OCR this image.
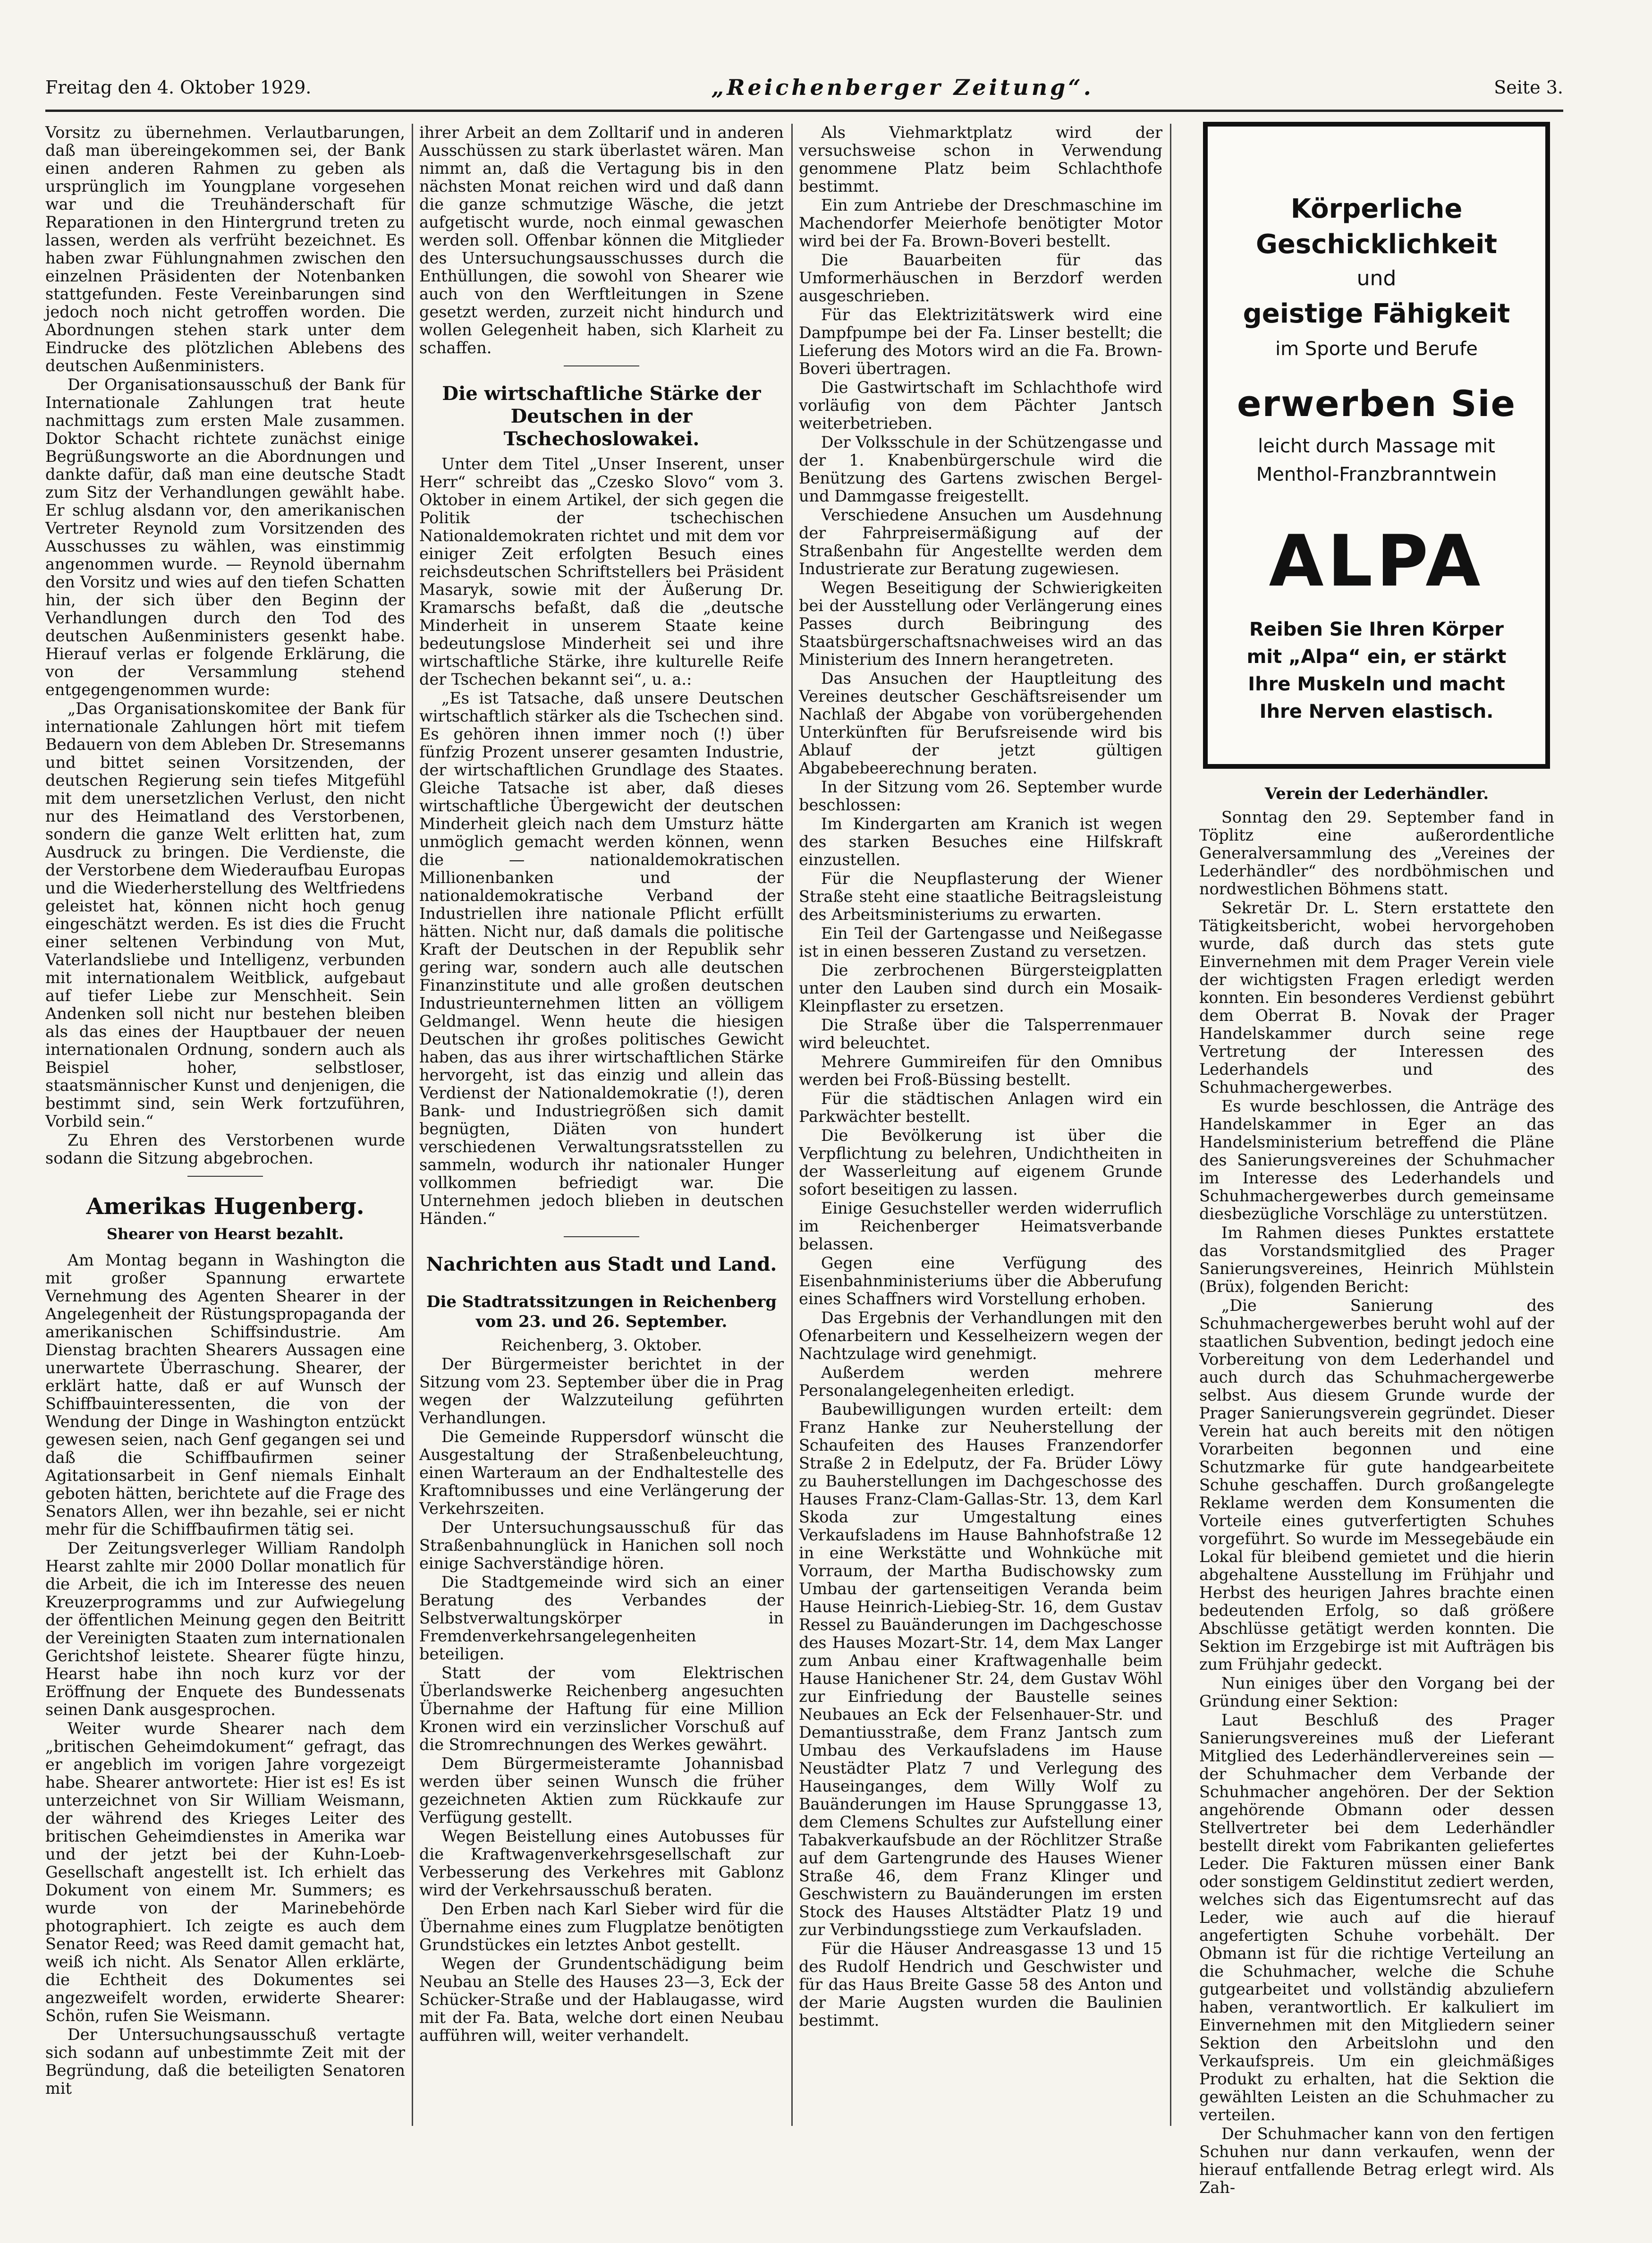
Freitag den 4. Oktober 1929.	„Reichenberger Zeitung“.	Seite 3.

Vorsitz zu übernehmen. Verlautbarungen, daß man übereingekommen sei, der Bank einen anderen Rahmen zu geben als ursprünglich im Youngplane vorgesehen war und die Treuhänderschaft für Reparationen in den Hintergrund treten zu lassen, werden als verfrüht bezeichnet. Es haben zwar Fühlungnahmen zwischen den einzelnen Präsidenten der Notenbanken stattgefunden. Feste Vereinbarungen sind jedoch noch nicht getroffen worden. Die Abordnungen stehen stark unter dem Eindrucke des plötzlichen Ablebens des deutschen Außenministers.

Der Organisationsausschuß der Bank für Internationale Zahlungen trat heute nachmittags zum ersten Male zusammen. Doktor Schacht richtete zunächst einige Begrüßungsworte an die Abordnungen und dankte dafür, daß man eine deutsche Stadt zum Sitz der Verhandlungen gewählt habe. Er schlug alsdann vor, den amerikanischen Vertreter Reynold zum Vorsitzenden des Ausschusses zu wählen, was einstimmig angenommen wurde. — Reynold übernahm den Vorsitz und wies auf den tiefen Schatten hin, der sich über den Beginn der Verhandlungen durch den Tod des deutschen Außenministers gesenkt habe. Hierauf verlas er folgende Erklärung, die von der Versammlung stehend entgegengenommen wurde:

„Das Organisationskomitee der Bank für internationale Zahlungen hört mit tiefem Bedauern von dem Ableben Dr. Stresemanns und bittet seinen Vorsitzenden, der deutschen Regierung sein tiefes Mitgefühl mit dem unersetzlichen Verlust, den nicht nur des Heimatland des Verstorbenen, sondern die ganze Welt erlitten hat, zum Ausdruck zu bringen. Die Verdienste, die der Verstorbene dem Wiederaufbau Europas und die Wiederherstellung des Weltfriedens geleistet hat, können nicht hoch genug eingeschätzt werden. Es ist dies die Frucht einer seltenen Verbindung von Mut, Vaterlandsliebe und Intelligenz, verbunden mit internationalem Weitblick, aufgebaut auf tiefer Liebe zur Menschheit. Sein Andenken soll nicht nur bestehen bleiben als das eines der Hauptbauer der neuen internationalen Ordnung, sondern auch als Beispiel hoher, selbstloser, staatsmännischer Kunst und denjenigen, die bestimmt sind, sein Werk fortzuführen, Vorbild sein.“

Zu Ehren des Verstorbenen wurde sodann die Sitzung abgebrochen.

Amerikas Hugenberg.

Shearer von Hearst bezahlt.

Am Montag begann in Washington die mit großer Spannung erwartete Vernehmung des Agenten Shearer in der Angelegenheit der Rüstungspropaganda der amerikanischen Schiffsindustrie. Am Dienstag brachten Shearers Aussagen eine unerwartete Überraschung. Shearer, der erklärt hatte, daß er auf Wunsch der Schiffbauinteressenten, die von der Wendung der Dinge in Washington entzückt gewesen seien, nach Genf gegangen sei und daß die Schiffbaufirmen seiner Agitationsarbeit in Genf niemals Einhalt geboten hätten, berichtete auf die Frage des Senators Allen, wer ihn bezahle, sei er nicht mehr für die Schiffbaufirmen tätig sei.

Der Zeitungsverleger William Randolph Hearst zahlte mir 2000 Dollar monatlich für die Arbeit, die ich im Interesse des neuen Kreuzerprogramms und zur Aufwiegelung der öffentlichen Meinung gegen den Beitritt der Vereinigten Staaten zum internationalen Gerichtshof leistete. Shearer fügte hinzu, Hearst habe ihn noch kurz vor der Eröffnung der Enquete des Bundessenats seinen Dank ausgesprochen.

Weiter wurde Shearer nach dem „britischen Geheimdokument“ gefragt, das er angeblich im vorigen Jahre vorgezeigt habe. Shearer antwortete: Hier ist es! Es ist unterzeichnet von Sir William Weismann, der während des Krieges Leiter des britischen Geheimdienstes in Amerika war und der jetzt bei der Kuhn-Loeb-Gesellschaft angestellt ist. Ich erhielt das Dokument von einem Mr. Summers; es wurde von der Marinebehörde photographiert. Ich zeigte es auch dem Senator Reed; was Reed damit gemacht hat, weiß ich nicht. Als Senator Allen erklärte, die Echtheit des Dokumentes sei angezweifelt worden, erwiderte Shearer: Schön, rufen Sie Weismann.

Der Untersuchungsausschuß vertagte sich sodann auf unbestimmte Zeit mit der Begründung, daß die beteiligten Senatoren mit

ihrer Arbeit an dem Zolltarif und in anderen Ausschüssen zu stark überlastet wären. Man nimmt an, daß die Vertagung bis in den nächsten Monat reichen wird und daß dann die ganze schmutzige Wäsche, die jetzt aufgetischt wurde, noch einmal gewaschen werden soll. Offenbar können die Mitglieder des Untersuchungsausschusses durch die Enthüllungen, die sowohl von Shearer wie auch von den Werftleitungen in Szene gesetzt werden, zurzeit nicht hindurch und wollen Gelegenheit haben, sich Klarheit zu schaffen.

Die wirtschaftliche Stärke der Deutschen in der Tschechoslowakei.

Unter dem Titel „Unser Inserent, unser Herr“ schreibt das „Czesko Slovo“ vom 3. Oktober in einem Artikel, der sich gegen die Politik der tschechischen Nationaldemokraten richtet und mit dem vor einiger Zeit erfolgten Besuch eines reichsdeutschen Schriftstellers bei Präsident Masaryk, sowie mit der Äußerung Dr. Kramarschs befaßt, daß die „deutsche Minderheit in unserem Staate keine bedeutungslose Minderheit sei und ihre wirtschaftliche Stärke, ihre kulturelle Reife der Tschechen bekannt sei“, u. a.:

„Es ist Tatsache, daß unsere Deutschen wirtschaftlich stärker als die Tschechen sind. Es gehören ihnen immer noch (!) über fünfzig Prozent unserer gesamten Industrie, der wirtschaftlichen Grundlage des Staates. Gleiche Tatsache ist aber, daß dieses wirtschaftliche Übergewicht der deutschen Minderheit gleich nach dem Umsturz hätte unmöglich gemacht werden können, wenn die — nationaldemokratischen Millionenbanken und der nationaldemokratische Verband der Industriellen ihre nationale Pflicht erfüllt hätten. Nicht nur, daß damals die politische Kraft der Deutschen in der Republik sehr gering war, sondern auch alle deutschen Finanzinstitute und alle großen deutschen Industrieunternehmen litten an völligem Geldmangel. Wenn heute die hiesigen Deutschen ihr großes politisches Gewicht haben, das aus ihrer wirtschaftlichen Stärke hervorgeht, ist das einzig und allein das Verdienst der Nationaldemokratie (!), deren Bank- und Industriegrößen sich damit begnügten, Diäten von hundert verschiedenen Verwaltungsratsstellen zu sammeln, wodurch ihr nationaler Hunger vollkommen befriedigt war. Die Unternehmen jedoch blieben in deutschen Händen.“

Nachrichten aus Stadt und Land.

Die Stadtratssitzungen in Reichenberg vom 23. und 26. September.

Reichenberg, 3. Oktober.

Der Bürgermeister berichtet in der Sitzung vom 23. September über die in Prag wegen der Walzzuteilung geführten Verhandlungen.

Die Gemeinde Ruppersdorf wünscht die Ausgestaltung der Straßenbeleuchtung, einen Warteraum an der Endhaltestelle des Kraftomnibusses und eine Verlängerung der Verkehrszeiten.

Der Untersuchungsausschuß für das Straßenbahnunglück in Hanichen soll noch einige Sachverständige hören.

Die Stadtgemeinde wird sich an einer Beratung des Verbandes der Selbstverwaltungskörper in Fremdenverkehrsangelegenheiten beteiligen.

Statt der vom Elektrischen Überlandswerke Reichenberg angesuchten Übernahme der Haftung für eine Million Kronen wird ein verzinslicher Vorschuß auf die Stromrechnungen des Werkes gewährt.

Dem Bürgermeisteramte Johannisbad werden über seinen Wunsch die früher gezeichneten Aktien zum Rückkaufe zur Verfügung gestellt.

Wegen Beistellung eines Autobusses für die Kraftwagenverkehrsgesellschaft zur Verbesserung des Verkehres mit Gablonz wird der Verkehrsausschuß beraten.

Den Erben nach Karl Sieber wird für die Übernahme eines zum Flugplatze benötigten Grundstückes ein letztes Anbot gestellt.

Wegen der Grundentschädigung beim Neubau an Stelle des Hauses 23—3, Eck der Schücker-Straße und der Hablaugasse, wird mit der Fa. Bata, welche dort einen Neubau aufführen will, weiter verhandelt.

Als Viehmarktplatz wird der versuchsweise schon in Verwendung genommene Platz beim Schlachthofe bestimmt.

Ein zum Antriebe der Dreschmaschine im Machendorfer Meierhofe benötigter Motor wird bei der Fa. Brown-Boveri bestellt.

Die Bauarbeiten für das Umformerhäuschen in Berzdorf werden ausgeschrieben.

Für das Elektrizitätswerk wird eine Dampfpumpe bei der Fa. Linser bestellt; die Lieferung des Motors wird an die Fa. Brown-Boveri übertragen.

Die Gastwirtschaft im Schlachthofe wird vorläufig von dem Pächter Jantsch weiterbetrieben.

Der Volksschule in der Schützengasse und der 1. Knabenbürgerschule wird die Benützung des Gartens zwischen Bergel- und Dammgasse freigestellt.

Verschiedene Ansuchen um Ausdehnung der Fahrpreisermäßigung auf der Straßenbahn für Angestellte werden dem Industrierate zur Beratung zugewiesen.

Wegen Beseitigung der Schwierigkeiten bei der Ausstellung oder Verlängerung eines Passes durch Beibringung des Staatsbürgerschaftsnachweises wird an das Ministerium des Innern herangetreten.

Das Ansuchen der Hauptleitung des Vereines deutscher Geschäftsreisender um Nachlaß der Abgabe von vorübergehenden Unterkünften für Berufsreisende wird bis Ablauf der jetzt gültigen Abgabebeerechnung beraten.

In der Sitzung vom 26. September wurde beschlossen:

Im Kindergarten am Kranich ist wegen des starken Besuches eine Hilfskraft einzustellen.

Für die Neupflasterung der Wiener Straße steht eine staatliche Beitragsleistung des Arbeitsministeriums zu erwarten.

Ein Teil der Gartengasse und Neißegasse ist in einen besseren Zustand zu versetzen.

Die zerbrochenen Bürgersteigplatten unter den Lauben sind durch ein Mosaik-Kleinpflaster zu ersetzen.

Die Straße über die Talsperrenmauer wird beleuchtet.

Mehrere Gummireifen für den Omnibus werden bei Froß-Büssing bestellt.

Für die städtischen Anlagen wird ein Parkwächter bestellt.

Die Bevölkerung ist über die Verpflichtung zu belehren, Undichtheiten in der Wasserleitung auf eigenem Grunde sofort beseitigen zu lassen.

Einige Gesuchsteller werden widerruflich im Reichenberger Heimatsverbande belassen.

Gegen eine Verfügung des Eisenbahnministeriums über die Abberufung eines Schaffners wird Vorstellung erhoben.

Das Ergebnis der Verhandlungen mit den Ofenarbeitern und Kesselheizern wegen der Nachtzulage wird genehmigt.

Außerdem werden mehrere Personalangelegenheiten erledigt.

Baubewilligungen wurden erteilt: dem Franz Hanke zur Neuherstellung der Schaufeiten des Hauses Franzendorfer Straße 2 in Edelputz, der Fa. Brüder Löwy zu Bauherstellungen im Dachgeschosse des Hauses Franz-Clam-Gallas-Str. 13, dem Karl Skoda zur Umgestaltung eines Verkaufsladens im Hause Bahnhofstraße 12 in eine Werkstätte und Wohnküche mit Vorraum, der Martha Budischowsky zum Umbau der gartenseitigen Veranda beim Hause Heinrich-Liebieg-Str. 16, dem Gustav Ressel zu Bauänderungen im Dachgeschosse des Hauses Mozart-Str. 14, dem Max Langer zum Anbau einer Kraftwagenhalle beim Hause Hanichener Str. 24, dem Gustav Wöhl zur Einfriedung der Baustelle seines Neubaues an Eck der Felsenhauer-Str. und Demantiusstraße, dem Franz Jantsch zum Umbau des Verkaufsladens im Hause Neustädter Platz 7 und Verlegung des Hauseinganges, dem Willy Wolf zu Bauänderungen im Hause Sprunggasse 13, dem Clemens Schultes zur Aufstellung einer Tabakverkaufsbude an der Röchlitzer Straße auf dem Gartengrunde des Hauses Wiener Straße 46, dem Franz Klinger und Geschwistern zu Bauänderungen im ersten Stock des Hauses Altstädter Platz 19 und zur Verbindungsstiege zum Verkaufsladen.

Für die Häuser Andreasgasse 13 und 15 des Rudolf Hendrich und Geschwister und für das Haus Breite Gasse 58 des Anton und der Marie Augsten wurden die Baulinien bestimmt.

Körperliche
Geschicklichkeit
und
geistige Fähigkeit
im Sporte und Berufe
erwerben Sie
leicht durch Massage mit
Menthol-Franzbranntwein
ALPA
Reiben Sie Ihren Körper
mit „Alpa“ ein, er stärkt
Ihre Muskeln und macht
Ihre Nerven elastisch.

Verein der Lederhändler.

Sonntag den 29. September fand in Töplitz eine außerordentliche Generalversammlung des „Vereines der Lederhändler“ des nordböhmischen und nordwestlichen Böhmens statt.

Sekretär Dr. L. Stern erstattete den Tätigkeitsbericht, wobei hervorgehoben wurde, daß durch das stets gute Einvernehmen mit dem Prager Verein viele der wichtigsten Fragen erledigt werden konnten. Ein besonderes Verdienst gebührt dem Oberrat B. Novak der Prager Handelskammer durch seine rege Vertretung der Interessen des Lederhandels und des Schuhmachergewerbes.

Es wurde beschlossen, die Anträge des Handelskammer in Eger an das Handelsministerium betreffend die Pläne des Sanierungsvereines der Schuhmacher im Interesse des Lederhandels und Schuhmachergewerbes durch gemeinsame diesbezügliche Vorschläge zu unterstützen.

Im Rahmen dieses Punktes erstattete das Vorstandsmitglied des Prager Sanierungsvereines, Heinrich Mühlstein (Brüx), folgenden Bericht:

„Die Sanierung des Schuhmachergewerbes beruht wohl auf der staatlichen Subvention, bedingt jedoch eine Vorbereitung von dem Lederhandel und auch durch das Schuhmachergewerbe selbst. Aus diesem Grunde wurde der Prager Sanierungsverein gegründet. Dieser Verein hat auch bereits mit den nötigen Vorarbeiten begonnen und eine Schutzmarke für gute handgearbeitete Schuhe geschaffen. Durch großangelegte Reklame werden dem Konsumenten die Vorteile eines gutverfertigten Schuhes vorgeführt. So wurde im Messegebäude ein Lokal für bleibend gemietet und die hierin abgehaltene Ausstellung im Frühjahr und Herbst des heurigen Jahres brachte einen bedeutenden Erfolg, so daß größere Abschlüsse getätigt werden konnten. Die Sektion im Erzgebirge ist mit Aufträgen bis zum Frühjahr gedeckt.

Nun einiges über den Vorgang bei der Gründung einer Sektion:

Laut Beschluß des Prager Sanierungsvereines muß der Lieferant Mitglied des Lederhändlervereines sein — der Schuhmacher dem Verbande der Schuhmacher angehören. Der der Sektion angehörende Obmann oder dessen Stellvertreter bei dem Lederhändler bestellt direkt vom Fabrikanten geliefertes Leder. Die Fakturen müssen einer Bank oder sonstigem Geldinstitut zediert werden, welches sich das Eigentumsrecht auf das Leder, wie auch auf die hierauf angefertigten Schuhe vorbehält. Der Obmann ist für die richtige Verteilung an die Schuhmacher, welche die Schuhe gutgearbeitet und vollständig abzuliefern haben, verantwortlich. Er kalkuliert im Einvernehmen mit den Mitgliedern seiner Sektion den Arbeitslohn und den Verkaufspreis. Um ein gleichmäßiges Produkt zu erhalten, hat die Sektion die gewählten Leisten an die Schuhmacher zu verteilen.

Der Schuhmacher kann von den fertigen Schuhen nur dann verkaufen, wenn der hierauf entfallende Betrag erlegt wird. Als Zah-
